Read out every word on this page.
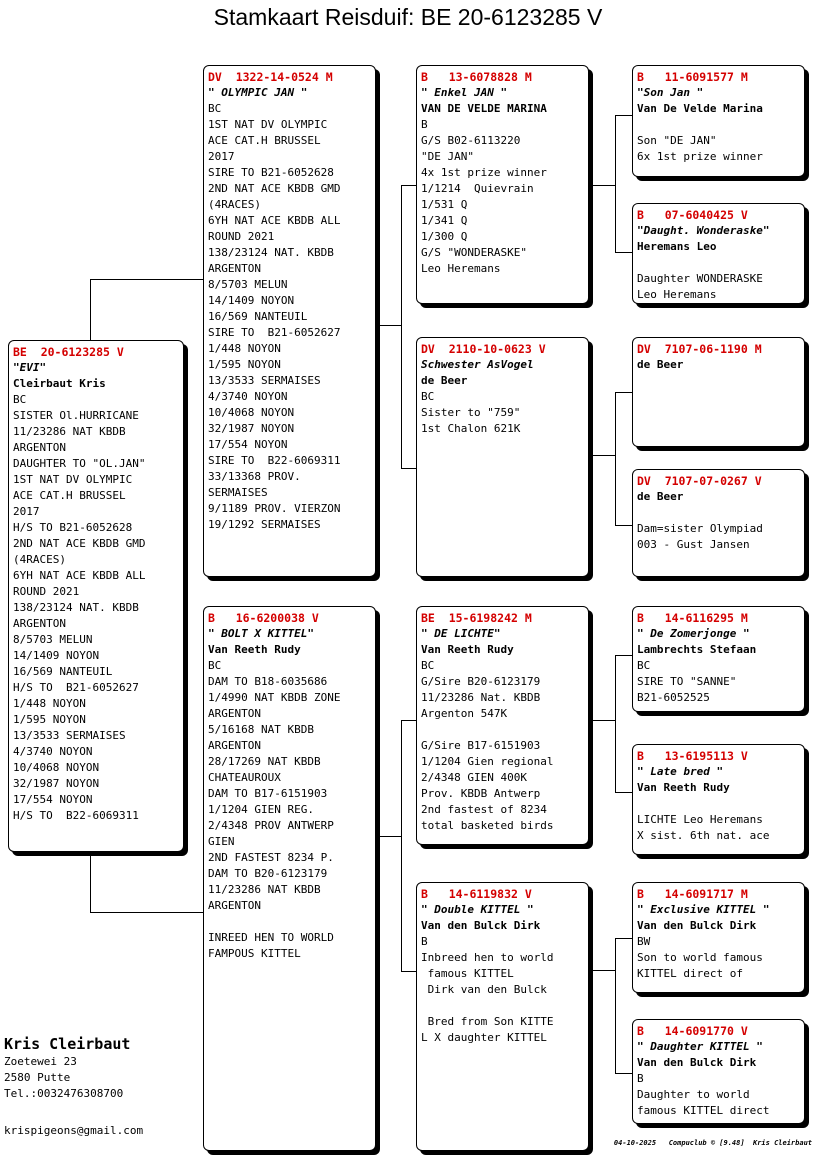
Stamkaart Reisduif: BE 20-6123285 V
BE  20-6123285 V
"EVI"
Cleirbaut Kris
BC
SISTER Ol.HURRICANE
11/23286 NAT KBDB
ARGENTON
DAUGHTER TO "OL.JAN"
1ST NAT DV OLYMPIC
ACE CAT.H BRUSSEL
2017
H/S TO B21-6052628
2ND NAT ACE KBDB GMD
(4RACES)
6YH NAT ACE KBDB ALL
ROUND 2021
138/23124 NAT. KBDB
ARGENTON
8/5703 MELUN
14/1409 NOYON
16/569 NANTEUIL
H/S TO  B21-6052627
1/448 NOYON
1/595 NOYON
13/3533 SERMAISES
4/3740 NOYON
10/4068 NOYON
32/1987 NOYON
17/554 NOYON
H/S TO  B22-6069311
DV  1322-14-0524 M
" OLYMPIC JAN "
BC
1ST NAT DV OLYMPIC
ACE CAT.H BRUSSEL
2017
SIRE TO B21-6052628
2ND NAT ACE KBDB GMD
(4RACES)
6YH NAT ACE KBDB ALL
ROUND 2021
138/23124 NAT. KBDB
ARGENTON
8/5703 MELUN
14/1409 NOYON
16/569 NANTEUIL
SIRE TO  B21-6052627
1/448 NOYON
1/595 NOYON
13/3533 SERMAISES
4/3740 NOYON
10/4068 NOYON
32/1987 NOYON
17/554 NOYON
SIRE TO  B22-6069311
33/13368 PROV.
SERMAISES
9/1189 PROV. VIERZON
19/1292 SERMAISES
B   16-6200038 V
" BOLT X KITTEL"
Van Reeth Rudy
BC
DAM TO B18-6035686
1/4990 NAT KBDB ZONE
ARGENTON
5/16168 NAT KBDB
ARGENTON
28/17269 NAT KBDB
CHATEAUROUX
DAM TO B17-6151903
1/1204 GIEN REG.
2/4348 PROV ANTWERP
GIEN
2ND FASTEST 8234 P.
DAM TO B20-6123179
11/23286 NAT KBDB
ARGENTON
INREED HEN TO WORLD
FAMPOUS KITTEL
B   13-6078828 M
" Enkel JAN "
VAN DE VELDE MARINA
B
G/S B02-6113220
"DE JAN"
4x 1st prize winner
1/1214  Quievrain
1/531 Q
1/341 Q
1/300 Q
G/S "WONDERASKE"
Leo Heremans
DV  2110-10-0623 V
Schwester AsVogel
de Beer
BC
Sister to "759"
1st Chalon 621K
BE  15-6198242 M
" DE LICHTE"
Van Reeth Rudy
BC
G/Sire B20-6123179
11/23286 Nat. KBDB
Argenton 547K
G/Sire B17-6151903
1/1204 Gien regional
2/4348 GIEN 400K
Prov. KBDB Antwerp
2nd fastest of 8234
total basketed birds
B   14-6119832 V
" Double KITTEL "
Van den Bulck Dirk
B
Inbreed hen to world
famous KITTEL
Dirk van den Bulck
Bred from Son KITTE
L X daughter KITTEL
B   11-6091577 M
"Son Jan "
Van De Velde Marina
Son "DE JAN"
6x 1st prize winner
B   07-6040425 V
"Daught. Wonderaske"
Heremans Leo
Daughter WONDERASKE
Leo Heremans
DV  7107-06-1190 M
de Beer
DV  7107-07-0267 V
de Beer
Dam=sister Olympiad
003 - Gust Jansen
B   14-6116295 M
" De Zomerjonge "
Lambrechts Stefaan
BC
SIRE TO "SANNE"
B21-6052525
B   13-6195113 V
" Late bred "
Van Reeth Rudy
LICHTE Leo Heremans
X sist. 6th nat. ace
B   14-6091717 M
" Exclusive KITTEL "
Van den Bulck Dirk
BW
Son to world famous
KITTEL direct of
B   14-6091770 V
" Daughter KITTEL "
Van den Bulck Dirk
B
Daughter to world
famous KITTEL direct
Kris Cleirbaut
Zoetewei 23
2580 Putte
Tel.:0032476308700
krispigeons@gmail.com
04-10-2025   Compuclub © [9.48]  Kris Cleirbaut
